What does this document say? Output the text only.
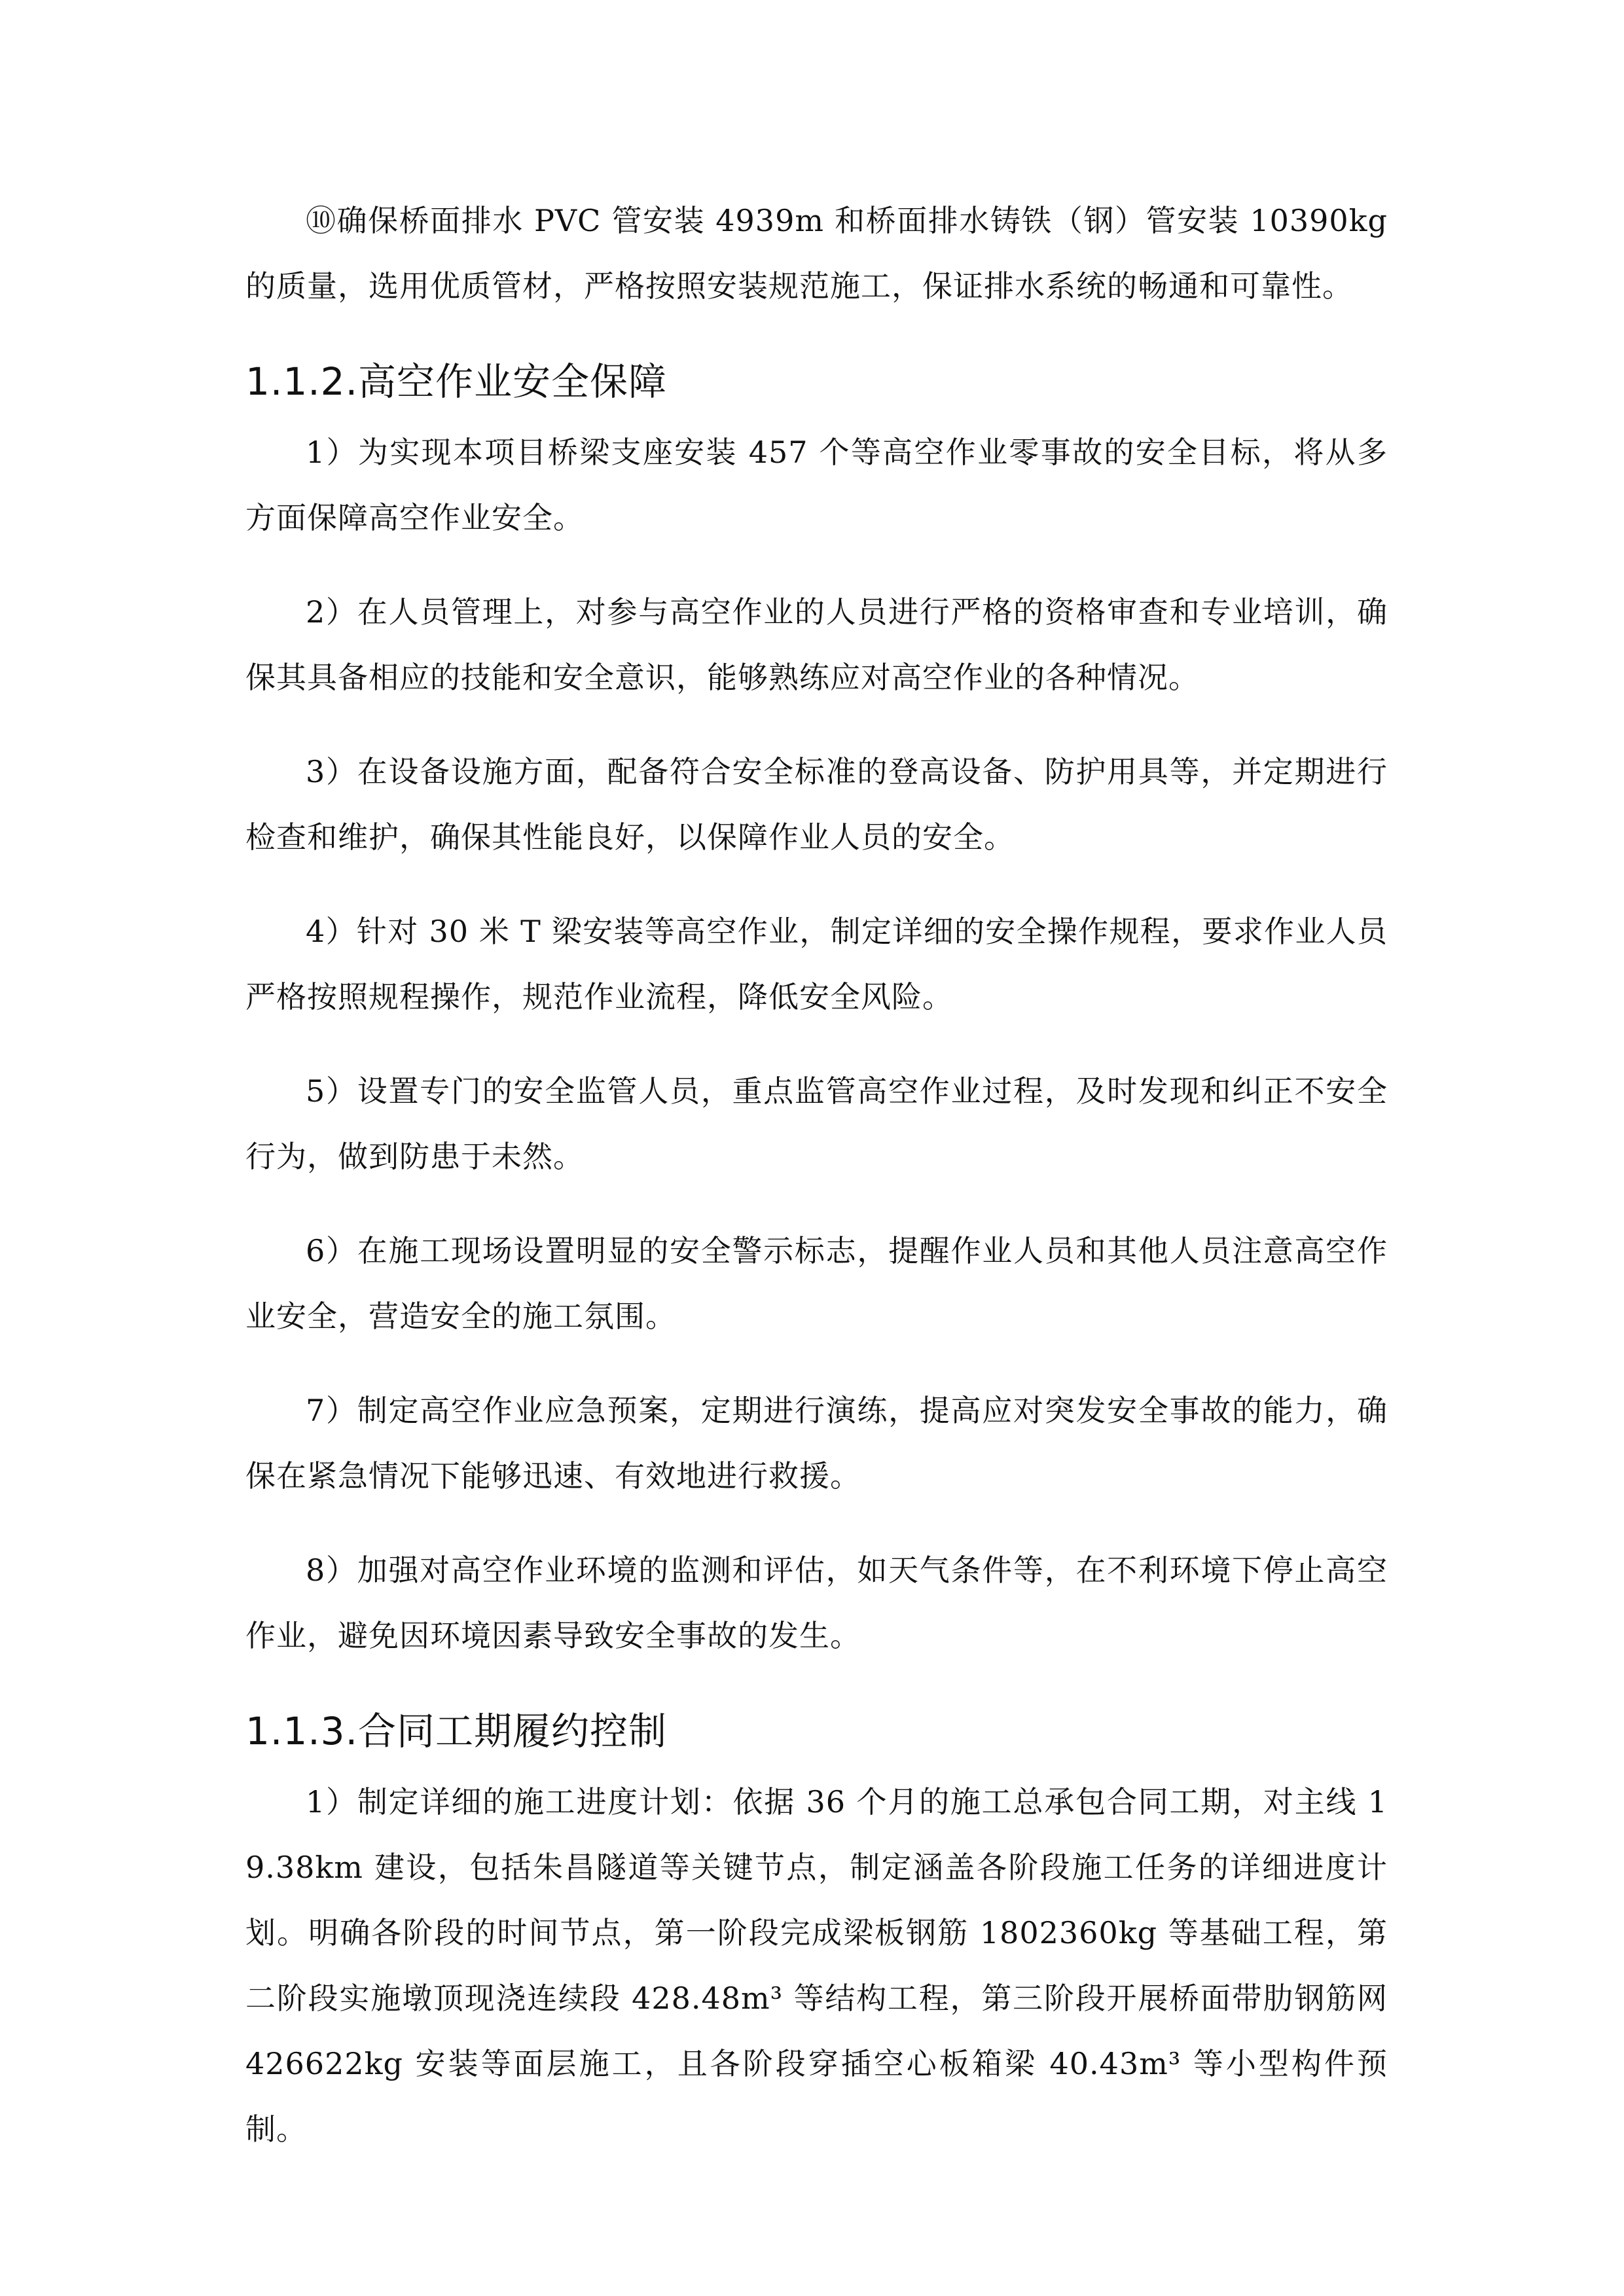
⑩确保桥面排水 PVC 管安装 4939m 和桥面排水铸铁（钢）管安装 10390kg 的质量，选用优质管材，严格按照安装规范施工，保证排水系统的畅通和可靠性。

1.1.2.高空作业安全保障

1）为实现本项目桥梁支座安装 457 个等高空作业零事故的安全目标，将从多方面保障高空作业安全。

2）在人员管理上，对参与高空作业的人员进行严格的资格审查和专业培训，确保其具备相应的技能和安全意识，能够熟练应对高空作业的各种情况。

3）在设备设施方面，配备符合安全标准的登高设备、防护用具等，并定期进行检查和维护，确保其性能良好，以保障作业人员的安全。

4）针对 30 米 T 梁安装等高空作业，制定详细的安全操作规程，要求作业人员严格按照规程操作，规范作业流程，降低安全风险。

5）设置专门的安全监管人员，重点监管高空作业过程，及时发现和纠正不安全行为，做到防患于未然。

6）在施工现场设置明显的安全警示标志，提醒作业人员和其他人员注意高空作业安全，营造安全的施工氛围。

7）制定高空作业应急预案，定期进行演练，提高应对突发安全事故的能力，确保在紧急情况下能够迅速、有效地进行救援。

8）加强对高空作业环境的监测和评估，如天气条件等，在不利环境下停止高空作业，避免因环境因素导致安全事故的发生。

1.1.3.合同工期履约控制

1）制定详细的施工进度计划：依据 36 个月的施工总承包合同工期，对主线 19.38km 建设，包括朱昌隧道等关键节点，制定涵盖各阶段施工任务的详细进度计划。明确各阶段的时间节点，第一阶段完成梁板钢筋 1802360kg 等基础工程，第二阶段实施墩顶现浇连续段 428.48m³ 等结构工程，第三阶段开展桥面带肋钢筋网 426622kg 安装等面层施工，且各阶段穿插空心板箱梁 40.43m³ 等小型构件预制。
